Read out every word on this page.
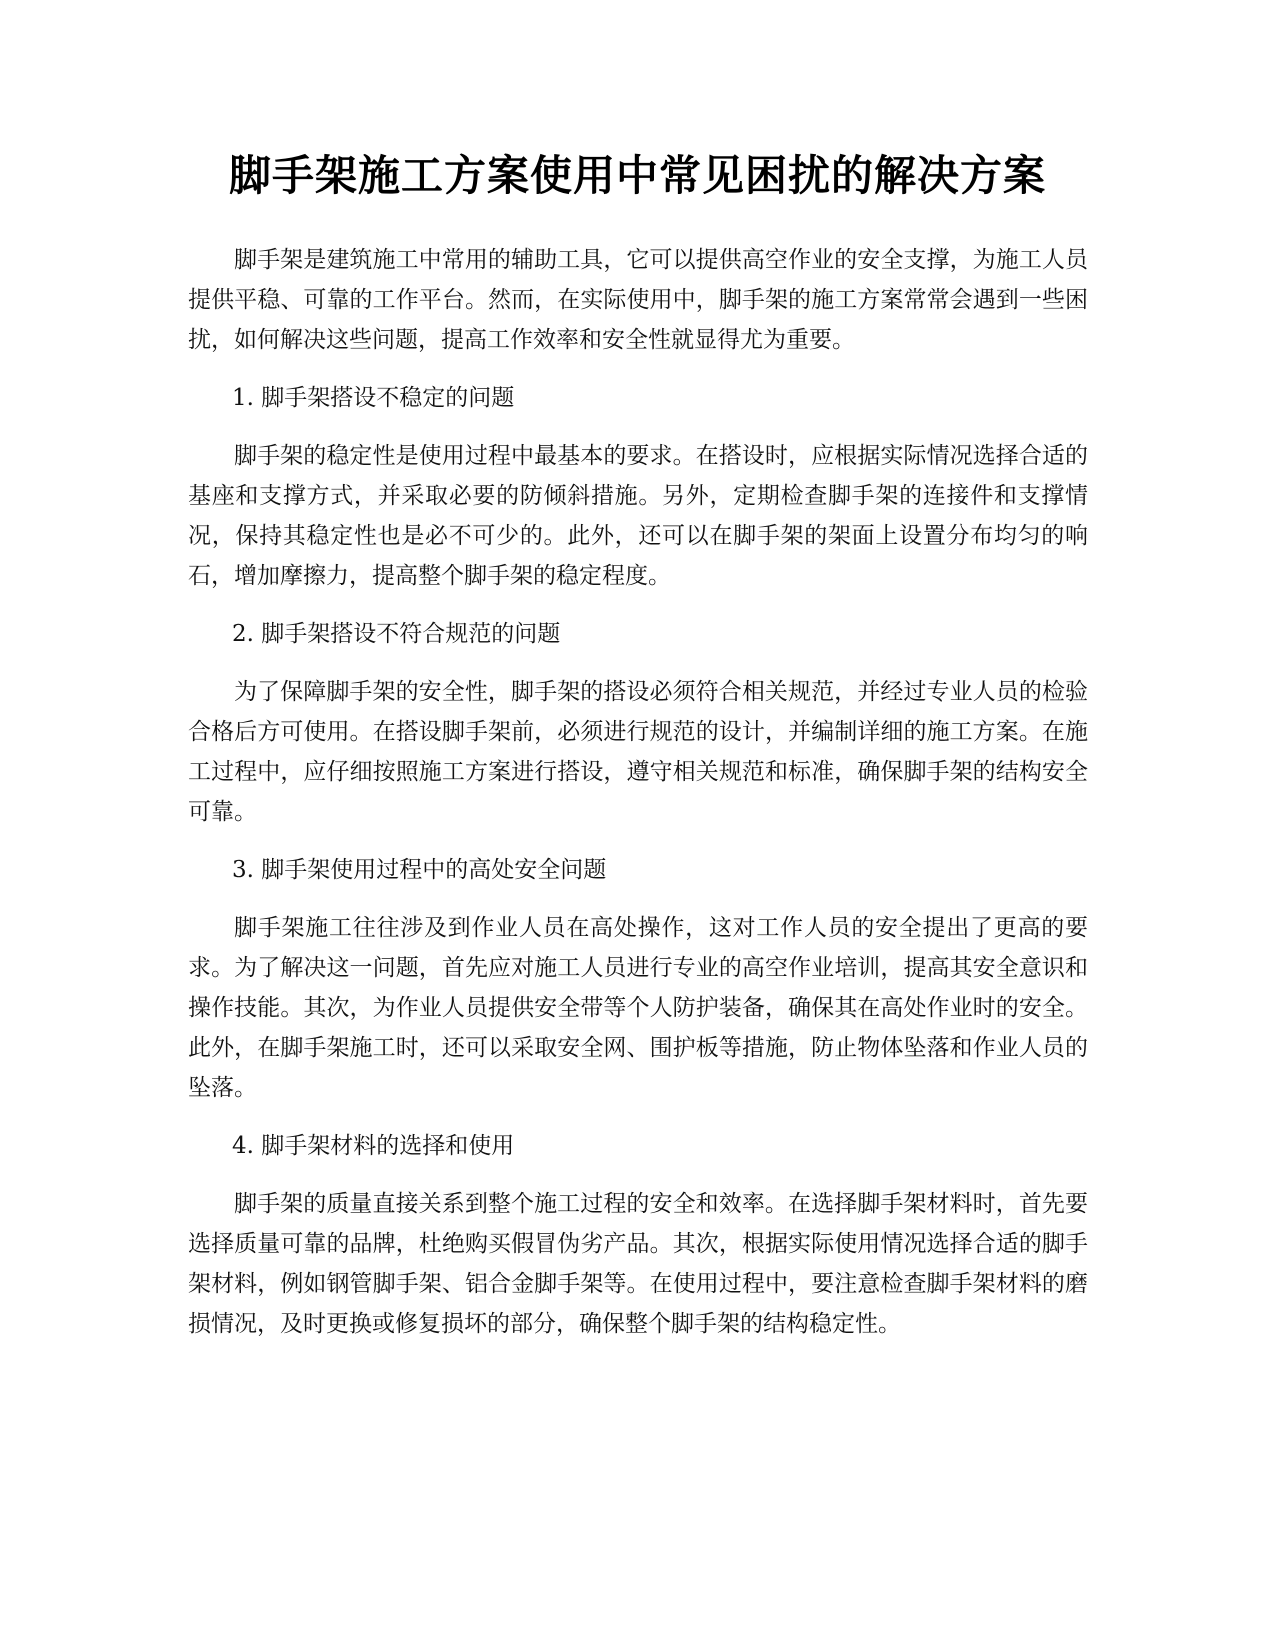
脚手架施工方案使用中常见困扰的解决方案

脚手架是建筑施工中常用的辅助工具，它可以提供高空作业的安全支撑，为施工人员提供平稳、可靠的工作平台。然而，在实际使用中，脚手架的施工方案常常会遇到一些困扰，如何解决这些问题，提高工作效率和安全性就显得尤为重要。

1. 脚手架搭设不稳定的问题

脚手架的稳定性是使用过程中最基本的要求。在搭设时，应根据实际情况选择合适的基座和支撑方式，并采取必要的防倾斜措施。另外，定期检查脚手架的连接件和支撑情况，保持其稳定性也是必不可少的。此外，还可以在脚手架的架面上设置分布均匀的响石，增加摩擦力，提高整个脚手架的稳定程度。

2. 脚手架搭设不符合规范的问题

为了保障脚手架的安全性，脚手架的搭设必须符合相关规范，并经过专业人员的检验合格后方可使用。在搭设脚手架前，必须进行规范的设计，并编制详细的施工方案。在施工过程中，应仔细按照施工方案进行搭设，遵守相关规范和标准，确保脚手架的结构安全可靠。

3. 脚手架使用过程中的高处安全问题

脚手架施工往往涉及到作业人员在高处操作，这对工作人员的安全提出了更高的要求。为了解决这一问题，首先应对施工人员进行专业的高空作业培训，提高其安全意识和操作技能。其次，为作业人员提供安全带等个人防护装备，确保其在高处作业时的安全。此外，在脚手架施工时，还可以采取安全网、围护板等措施，防止物体坠落和作业人员的坠落。

4. 脚手架材料的选择和使用

脚手架的质量直接关系到整个施工过程的安全和效率。在选择脚手架材料时，首先要选择质量可靠的品牌，杜绝购买假冒伪劣产品。其次，根据实际使用情况选择合适的脚手架材料，例如钢管脚手架、铝合金脚手架等。在使用过程中，要注意检查脚手架材料的磨损情况，及时更换或修复损坏的部分，确保整个脚手架的结构稳定性。
